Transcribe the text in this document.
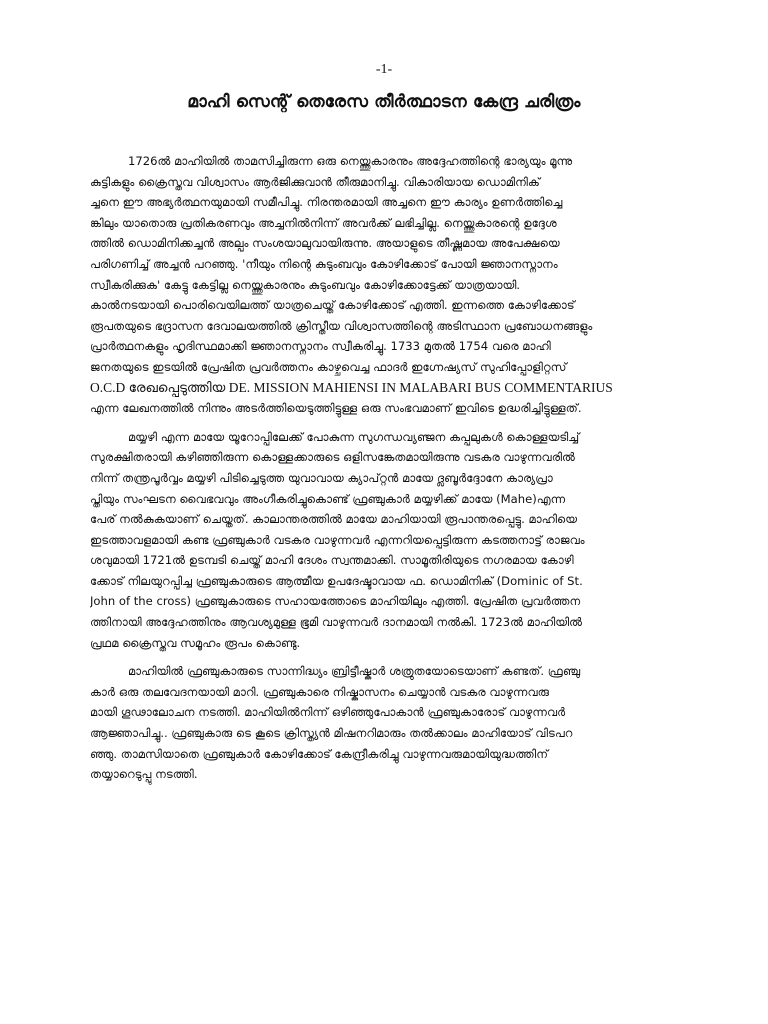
-1-
മാഹി സെന്റ് തെരേസ തീർത്ഥാടന കേന്ദ്ര ചരിത്രം
1726ൽ മാഹിയിൽ താമസിച്ചിരുന്ന ഒരു നെയ്ത്തുകാരനും അദ്ദേഹത്തിന്റെ ഭാര്യയും മൂന്നു
കുട്ടികളും ക്രൈസ്തവ വിശ്വാസം ആർജിക്കുവാൻ തീരുമാനിച്ചു. വികാരിയായ ഡൊമിനിക്
ച്ചനെ ഈ അഭ്യർത്ഥനയുമായി സമീപിച്ചു. നിരന്തരമായി അച്ചനെ ഈ കാര്യം ഉണർത്തിച്ചെ
ങ്കിലും യാതൊരു പ്രതികരണവും അച്ചനിൽനിന്ന് അവർക്ക് ലഭിച്ചില്ല. നെയ്ത്തുകാരന്റെ ഉദ്ദേശ
ത്തിൽ ഡൊമിനിക്കച്ചൻ അല്പം സംശയാലുവായിരുന്നു. അയാളുടെ തീഷ്ണമായ അപേക്ഷയെ
പരിഗണിച്ച് അച്ചൻ പറഞ്ഞു. 'നീയും നിന്റെ കുടുംബവും കോഴിക്കോട് പോയി ജ്ഞാനസ്നാനം
സ്വീകരിക്കുക' കേട്ടു കേട്ടില്ല നെയ്ത്തുകാരനും കുടുംബവും കോഴിക്കോട്ടേക്ക് യാത്രയായി.
കാൽനടയായി പൊരിവെയിലത്ത് യാത്രചെയ്ത് കോഴിക്കോട് എത്തി. ഇന്നത്തെ കോഴിക്കോട്
രൂപതയുടെ ഭദ്രാസന ദേവാലയത്തിൽ ക്രിസ്തീയ വിശ്വാസത്തിന്റെ അടിസ്ഥാന പ്രബോധനങ്ങളും
പ്രാർത്ഥനകളും ഹൃദിസ്ഥമാക്കി ജ്ഞാനസ്നാനം സ്വീകരിച്ചു. 1733 മുതൽ 1754 വരെ മാഹി
ജനതയുടെ ഇടയിൽ പ്രേഷിത പ്രവർത്തനം കാഴ്ചവെച്ച ഫാദർ ഇഗ്നേഷ്യസ് സുഹിപ്പോളിറ്റസ്
O.C.D രേഖപ്പെടുത്തിയ DE. MISSION MAHIENSI IN MALABARI BUS COMMENTARIUS
എന്ന ലേഖനത്തിൽ നിന്നും അടർത്തിയെടുത്തിട്ടുള്ള ഒരു സംഭവമാണ് ഇവിടെ ഉദ്ധരിച്ചിട്ടുള്ളത്.
മയ്യഴി എന്ന മായേ യൂറോപ്പിലേക്ക് പോകുന്ന സുഗന്ധവ്യഞ്ജന കപ്പലുകൾ കൊള്ളയടിച്ച്
സുരക്ഷിതരായി കഴിഞ്ഞിരുന്ന കൊള്ളക്കാരുടെ ഒളിസങ്കേതമായിരുന്നു വടകര വാഴുന്നവരിൽ
നിന്ന് തന്ത്രപൂർവ്വം മയ്യഴി പിടിച്ചെടുത്ത യുവാവായ ക്യാപ്റ്റൻ മായേ ദ്ലബൂർദ്ദോനേ കാര്യപ്രാ
പ്തിയും സംഘടന വൈഭവവും അംഗീകരിച്ചുകൊണ്ട് ഫ്രഞ്ചുകാർ മയ്യഴിക്ക് മായേ (Mahe)എന്ന
പേര് നൽകുകയാണ് ചെയ്തത്. കാലാന്തരത്തിൽ മായേ മാഹിയായി രൂപാന്തരപ്പെട്ടു. മാഹിയെ
ഇടത്താവളമായി കണ്ട ഫ്രഞ്ചുകാർ വടകര വാഴുന്നവർ എന്നറിയപ്പെട്ടിരുന്ന കടത്തനാട്ട് രാജവം
ശവുമായി 1721ൽ ഉടമ്പടി ചെയ്ത് മാഹി ദേശം സ്വന്തമാക്കി. സാമൂതിരിയുടെ നഗരമായ കോഴി
ക്കോട് നിലയുറപ്പിച്ച ഫ്രഞ്ചുകാരുടെ ആത്മീയ ഉപദേഷ്ടാവായ ഫ. ഡൊമിനിക് (Dominic of St.
John of the cross) ഫ്രഞ്ചുകാരുടെ സഹായത്തോടെ മാഹിയിലും എത്തി. പ്രേഷിത പ്രവർത്തന
ത്തിനായി അദ്ദേഹത്തിനും ആവശ്യമുള്ള ഭൂമി വാഴുന്നവർ ദാനമായി നൽകി. 1723ൽ മാഹിയിൽ
പ്രഥമ ക്രൈസ്തവ സമൂഹം രൂപം കൊണ്ടു.
മാഹിയിൽ ഫ്രഞ്ചുകാരുടെ സാന്നിദ്ധ്യം ബ്രിട്ടീഷ്കാർ ശത്രുതയോടെയാണ് കണ്ടത്. ഫ്രഞ്ചു
കാർ ഒരു തലവേദനയായി മാറി. ഫ്രഞ്ചുകാരെ നിഷ്കാസനം ചെയ്യാൻ വടകര വാഴുന്നവരു
മായി ഗൂഢാലോചന നടത്തി. മാഹിയിൽനിന്ന് ഒഴിഞ്ഞുപോകാൻ ഫ്രഞ്ചുകാരോട് വാഴുന്നവർ
ആജ്ഞാപിച്ചു.. ഫ്രഞ്ചുകാരു ടെ കൂടെ ക്രിസ്ത്യൻ മിഷനറിമാരും തൽക്കാലം മാഹിയോട് വിടപറ
ഞ്ഞു. താമസിയാതെ ഫ്രഞ്ചുകാർ കോഴിക്കോട് കേന്ദ്രീകരിച്ചു വാഴുന്നവരുമായിയുദ്ധത്തിന്
തയ്യാറെടുപ്പു നടത്തി.
